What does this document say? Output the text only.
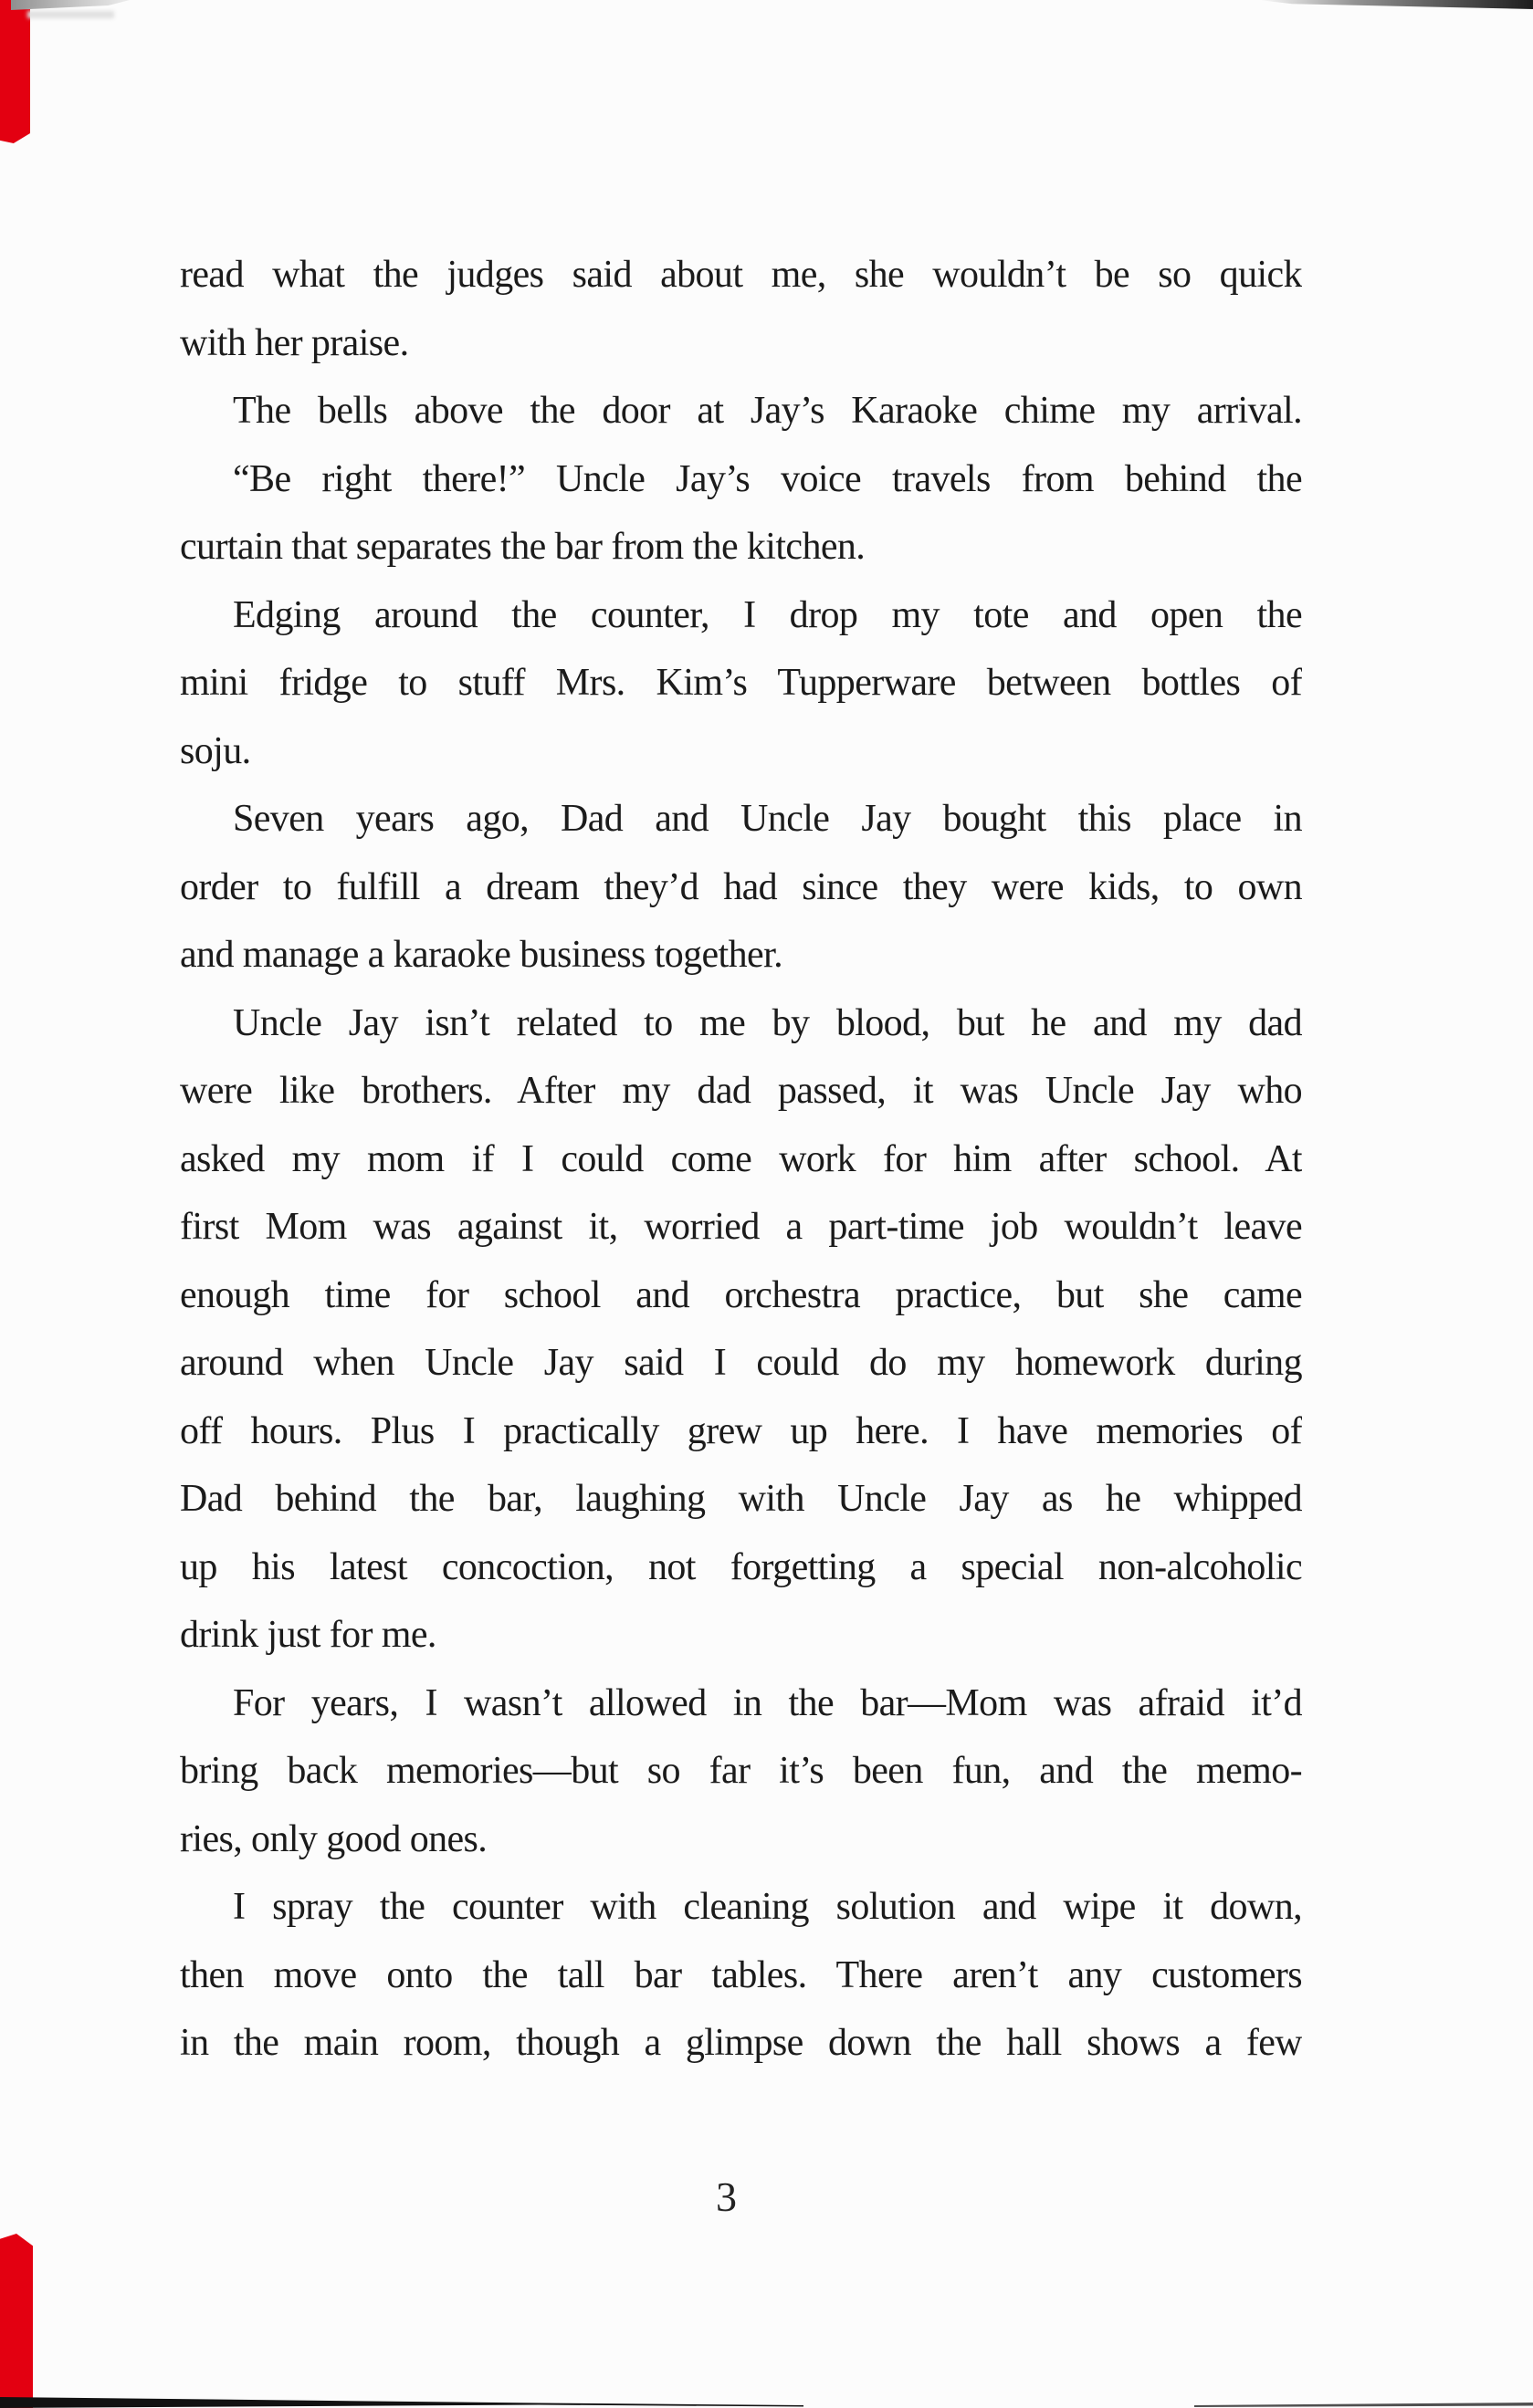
read what the judges said about me, she wouldn’t be so quick
with her praise.
The bells above the door at Jay’s Karaoke chime my arrival.
“Be right there!” Uncle Jay’s voice travels from behind the
curtain that separates the bar from the kitchen.
Edging around the counter, I drop my tote and open the
mini fridge to stuff Mrs. Kim’s Tupperware between bottles of
soju.
Seven years ago, Dad and Uncle Jay bought this place in
order to fulfill a dream they’d had since they were kids, to own
and manage a karaoke business together.
Uncle Jay isn’t related to me by blood, but he and my dad
were like brothers. After my dad passed, it was Uncle Jay who
asked my mom if I could come work for him after school. At
first Mom was against it, worried a part-time job wouldn’t leave
enough time for school and orchestra practice, but she came
around when Uncle Jay said I could do my homework during
off hours. Plus I practically grew up here. I have memories of
Dad behind the bar, laughing with Uncle Jay as he whipped
up his latest concoction, not forgetting a special non-alcoholic
drink just for me.
For years, I wasn’t allowed in the bar—Mom was afraid it’d
bring back memories—but so far it’s been fun, and the memo-
ries, only good ones.
I spray the counter with cleaning solution and wipe it down,
then move onto the tall bar tables. There aren’t any customers
in the main room, though a glimpse down the hall shows a few
3
